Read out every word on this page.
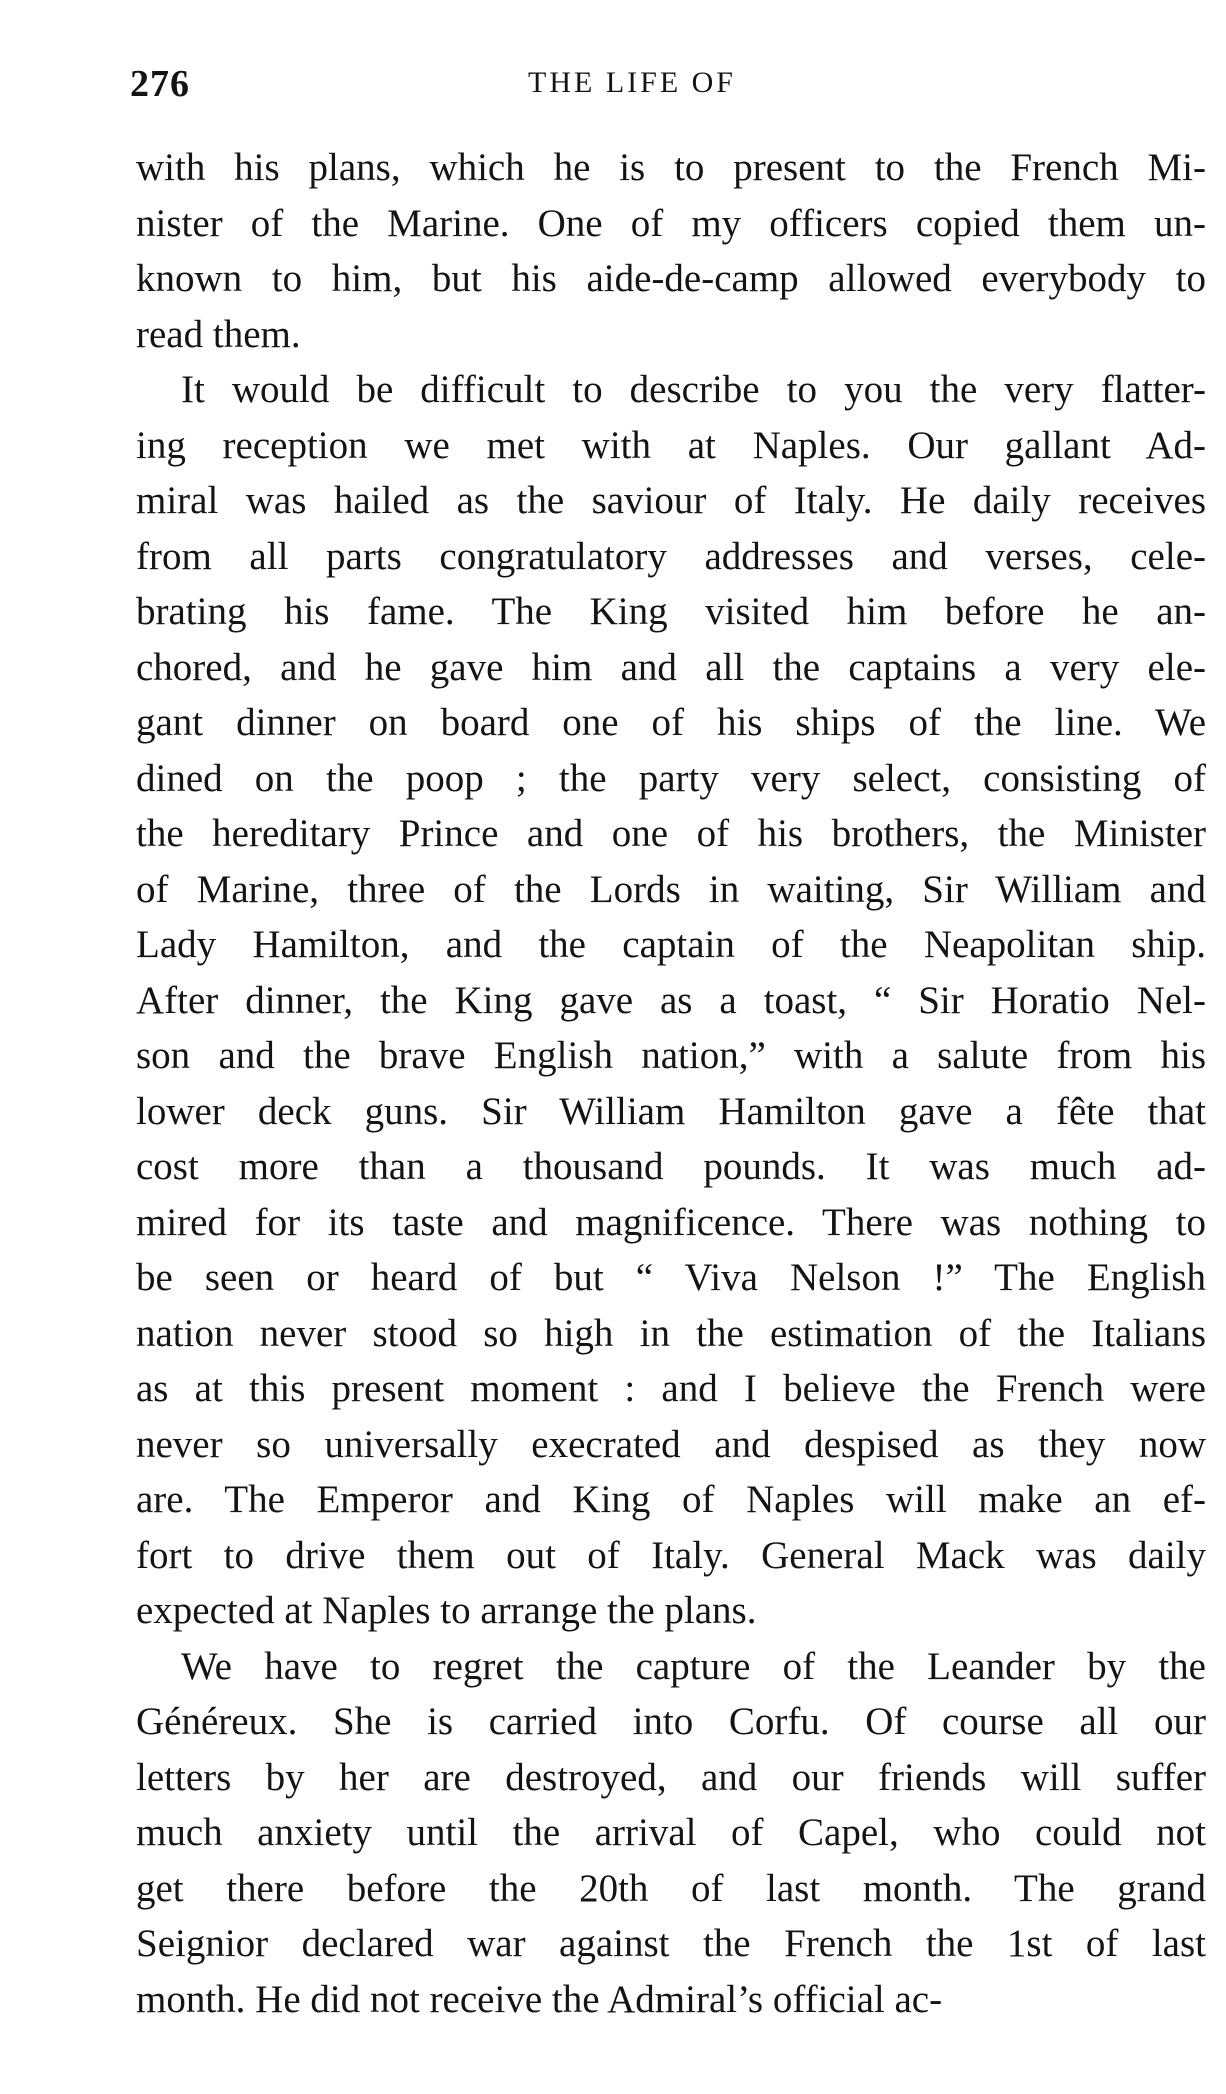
276	THE LIFE OF
with his plans, which he is to present to the French Mi-
nister of the Marine. One of my officers copied them un-
known to him, but his aide-de-camp allowed everybody to
read them.
It would be difficult to describe to you the very flatter-
ing reception we met with at Naples. Our gallant Ad-
miral was hailed as the saviour of Italy. He daily receives
from all parts congratulatory addresses and verses, cele-
brating his fame. The King visited him before he an-
chored, and he gave him and all the captains a very ele-
gant dinner on board one of his ships of the line. We
dined on the poop ; the party very select, consisting of
the hereditary Prince and one of his brothers, the Minister
of Marine, three of the Lords in waiting, Sir William and
Lady Hamilton, and the captain of the Neapolitan ship.
After dinner, the King gave as a toast, “ Sir Horatio Nel-
son and the brave English nation,” with a salute from his
lower deck guns. Sir William Hamilton gave a fête that
cost more than a thousand pounds. It was much ad-
mired for its taste and magnificence. There was nothing to
be seen or heard of but “ Viva Nelson !” The English
nation never stood so high in the estimation of the Italians
as at this present moment : and I believe the French were
never so universally execrated and despised as they now
are. The Emperor and King of Naples will make an ef-
fort to drive them out of Italy. General Mack was daily
expected at Naples to arrange the plans.
We have to regret the capture of the Leander by the
Généreux. She is carried into Corfu. Of course all our
letters by her are destroyed, and our friends will suffer
much anxiety until the arrival of Capel, who could not
get there before the 20th of last month. The grand
Seignior declared war against the French the 1st of last
month. He did not receive the Admiral’s official ac-
